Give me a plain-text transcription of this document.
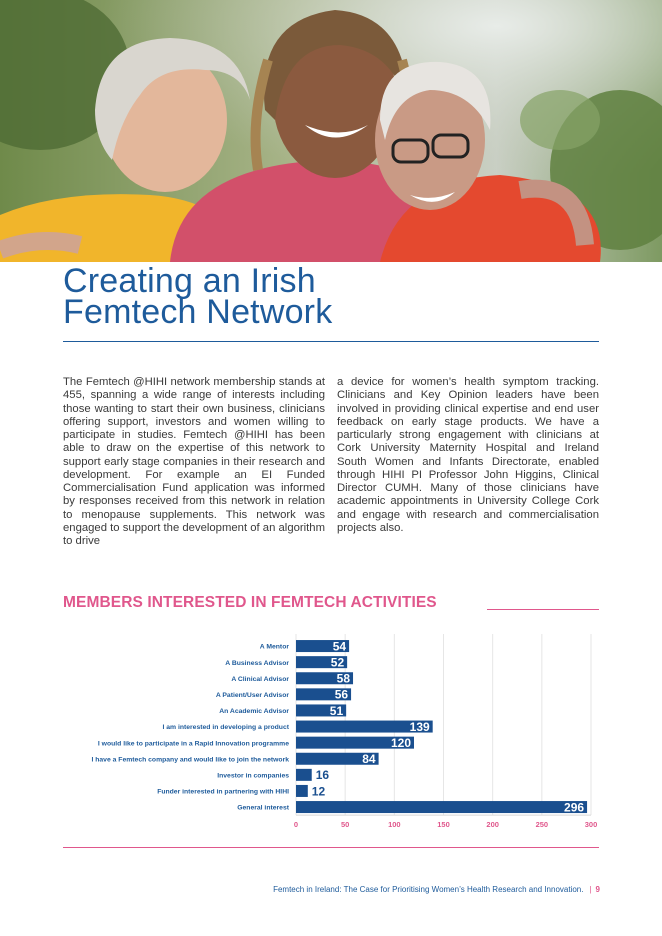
Creating an Irish
Femtech Network

The Femtech @HIHI network membership stands at 455, spanning a wide range of interests including those wanting to start their own business, clinicians offering support, investors and women willing to participate in studies. Femtech @HIHI has been able to draw on the expertise of this network to support early stage companies in their research and development. For example an EI Funded Commercialisation Fund application was informed by responses received from this network in relation to menopause supplements. This network was engaged to support the development of an algorithm to drive

a device for women’s health symptom tracking. Clinicians and Key Opinion leaders have been involved in providing clinical expertise and end user feedback on early stage products. We have a particularly strong engagement with clinicians at Cork University Maternity Hospital and Ireland South Women and Infants Directorate, enabled through HIHI PI Professor John Higgins, Clinical Director CUMH. Many of those clinicians have academic appointments in University College Cork and engage with research and commercialisation projects also.

MEMBERS INTERESTED IN FEMTECH ACTIVITIES
0	50	100	150	200	250	300
A Mentor	54
A Business Advisor	52
A Clinical Advisor	58
A Patient/User Advisor	56
An Academic Advisor	51
I am interested in developing a product	139
I would like to participate in a Rapid Innovation programme	120
I have a Femtech company and would like to join the network	84
Investor in companies 16
Funder interested in partnering with HIHI 12
General interest	296
Femtech in Ireland: The Case for Prioritising Women’s Health Research and Innovation. | 9
